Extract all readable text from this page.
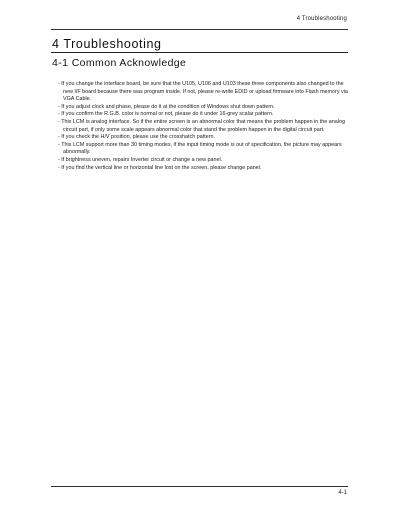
4 Troubleshooting
4 Troubleshooting
4-1 Common Acknowledge
- If you change the interface board, be sure that the U105, U106 and U103 these three components also changed to the new I/F board because there was program inside. If not, please re-write EDID or upload firmware into Flash memory via VGA Cable.
- If you adjust clock and phase, please do it at the condition of Windows shut down pattern.
- If you confirm the R.G.B. color is normal or not, please do it under 16-grey scalar pattern.
- This LCM is analog interface. So if the entire screen is an abnormal color that means the problem happen in the analog circuit part, if only some scale appears abnormal color that stand the problem happen in the digital circuit part.
- If you check the H/V position, please use the crosshatch pattern.
- This LCM support more than 30 timing modes, if the input timing mode is out of specification, the picture may appears abnormally.
- If brightness uneven, repairs Inverter circuit or change a new panel.
- If you find the vertical line or horizontal line lost on the screen, please change panel.
4-1
